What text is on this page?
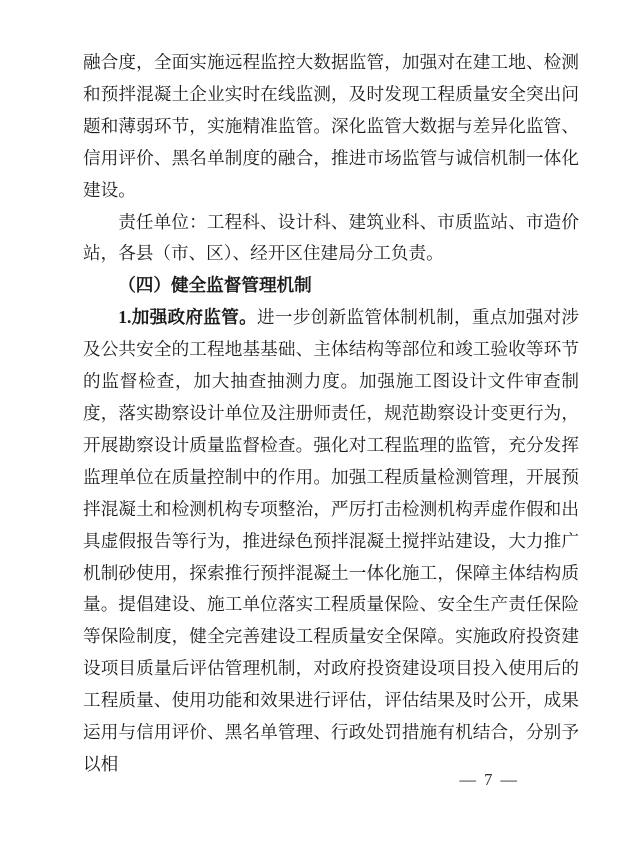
融合度，全面实施远程监控大数据监管，加强对在建工地、检测和预拌混凝土企业实时在线监测，及时发现工程质量安全突出问题和薄弱环节，实施精准监管。深化监管大数据与差异化监管、信用评价、黑名单制度的融合，推进市场监管与诚信机制一体化建设。

责任单位：工程科、设计科、建筑业科、市质监站、市造价站，各县（市、区）、经开区住建局分工负责。

（四）健全监督管理机制

1.加强政府监管。进一步创新监管体制机制，重点加强对涉及公共安全的工程地基基础、主体结构等部位和竣工验收等环节的监督检查，加大抽查抽测力度。加强施工图设计文件审查制度，落实勘察设计单位及注册师责任，规范勘察设计变更行为，开展勘察设计质量监督检查。强化对工程监理的监管，充分发挥监理单位在质量控制中的作用。加强工程质量检测管理，开展预拌混凝土和检测机构专项整治，严厉打击检测机构弄虚作假和出具虚假报告等行为，推进绿色预拌混凝土搅拌站建设，大力推广机制砂使用，探索推行预拌混凝土一体化施工，保障主体结构质量。提倡建设、施工单位落实工程质量保险、安全生产责任保险等保险制度，健全完善建设工程质量安全保障。实施政府投资建设项目质量后评估管理机制，对政府投资建设项目投入使用后的工程质量、使用功能和效果进行评估，评估结果及时公开，成果运用与信用评价、黑名单管理、行政处罚措施有机结合，分别予以相

— 7 —
